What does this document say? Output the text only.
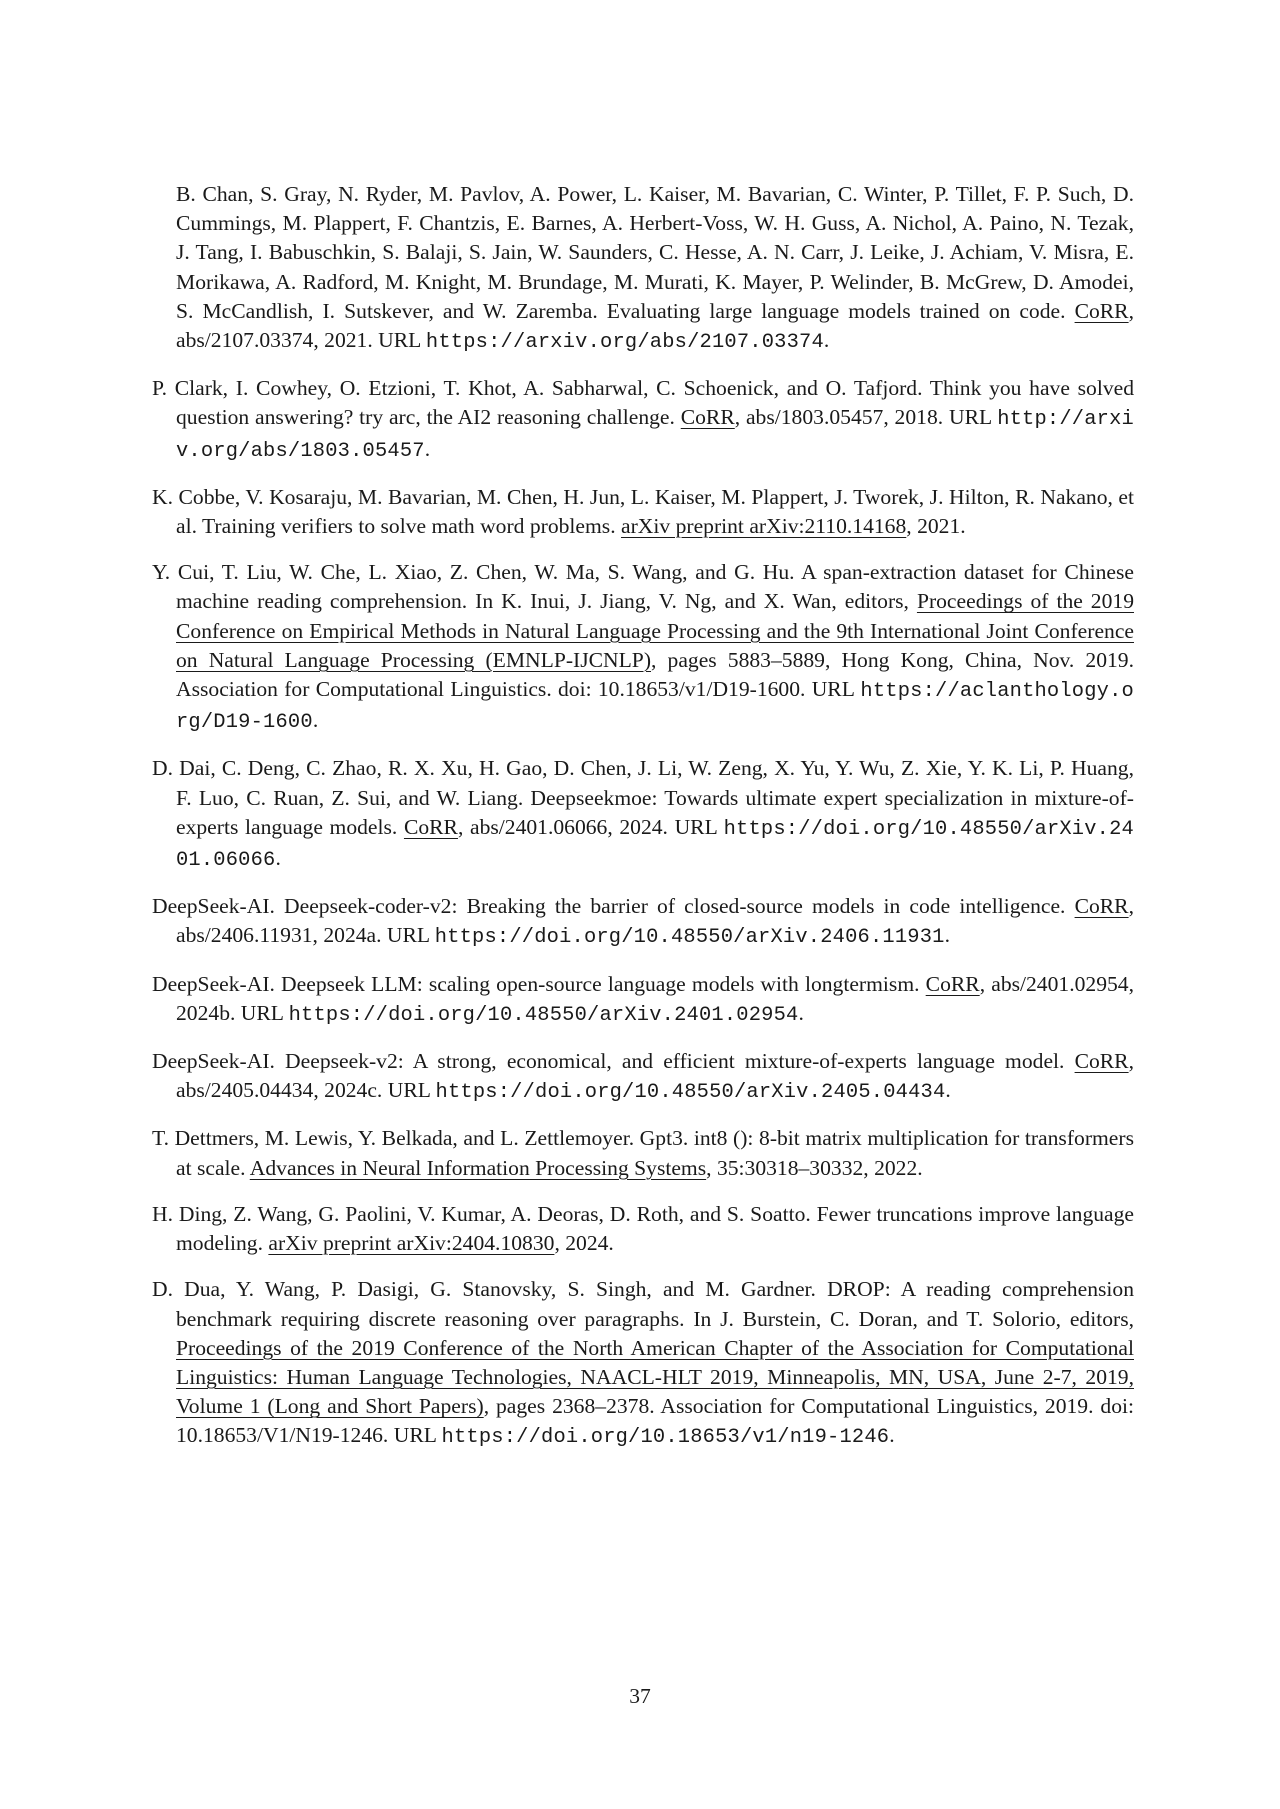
B. Chan, S. Gray, N. Ryder, M. Pavlov, A. Power, L. Kaiser, M. Bavarian, C. Winter, P. Tillet, F. P. Such, D. Cummings, M. Plappert, F. Chantzis, E. Barnes, A. Herbert-Voss, W. H. Guss, A. Nichol, A. Paino, N. Tezak, J. Tang, I. Babuschkin, S. Balaji, S. Jain, W. Saunders, C. Hesse, A. N. Carr, J. Leike, J. Achiam, V. Misra, E. Morikawa, A. Radford, M. Knight, M. Brundage, M. Murati, K. Mayer, P. Welinder, B. McGrew, D. Amodei, S. McCandlish, I. Sutskever, and W. Zaremba. Evaluating large language models trained on code. CoRR, abs/2107.03374, 2021. URL https://arxiv.org/abs/2107.03374.

P. Clark, I. Cowhey, O. Etzioni, T. Khot, A. Sabharwal, C. Schoenick, and O. Tafjord. Think you have solved question answering? try arc, the AI2 reasoning challenge. CoRR, abs/1803.05457, 2018. URL http://arxiv.org/abs/1803.05457.

K. Cobbe, V. Kosaraju, M. Bavarian, M. Chen, H. Jun, L. Kaiser, M. Plappert, J. Tworek, J. Hilton, R. Nakano, et al. Training verifiers to solve math word problems. arXiv preprint arXiv:2110.14168, 2021.

Y. Cui, T. Liu, W. Che, L. Xiao, Z. Chen, W. Ma, S. Wang, and G. Hu. A span-extraction dataset for Chinese machine reading comprehension. In K. Inui, J. Jiang, V. Ng, and X. Wan, editors, Proceedings of the 2019 Conference on Empirical Methods in Natural Language Processing and the 9th International Joint Conference on Natural Language Processing (EMNLP-IJCNLP), pages 5883–5889, Hong Kong, China, Nov. 2019. Association for Computational Linguistics. doi: 10.18653/v1/D19-1600. URL https://aclanthology.org/D19-1600.

D. Dai, C. Deng, C. Zhao, R. X. Xu, H. Gao, D. Chen, J. Li, W. Zeng, X. Yu, Y. Wu, Z. Xie, Y. K. Li, P. Huang, F. Luo, C. Ruan, Z. Sui, and W. Liang. Deepseekmoe: Towards ultimate expert specialization in mixture-of-experts language models. CoRR, abs/2401.06066, 2024. URL https://doi.org/10.48550/arXiv.2401.06066.

DeepSeek-AI. Deepseek-coder-v2: Breaking the barrier of closed-source models in code intelligence. CoRR, abs/2406.11931, 2024a. URL https://doi.org/10.48550/arXiv.2406.11931.

DeepSeek-AI. Deepseek LLM: scaling open-source language models with longtermism. CoRR, abs/2401.02954, 2024b. URL https://doi.org/10.48550/arXiv.2401.02954.

DeepSeek-AI. Deepseek-v2: A strong, economical, and efficient mixture-of-experts language model. CoRR, abs/2405.04434, 2024c. URL https://doi.org/10.48550/arXiv.2405.04434.

T. Dettmers, M. Lewis, Y. Belkada, and L. Zettlemoyer. Gpt3. int8 (): 8-bit matrix multiplication for transformers at scale. Advances in Neural Information Processing Systems, 35:30318–30332, 2022.

H. Ding, Z. Wang, G. Paolini, V. Kumar, A. Deoras, D. Roth, and S. Soatto. Fewer truncations improve language modeling. arXiv preprint arXiv:2404.10830, 2024.

D. Dua, Y. Wang, P. Dasigi, G. Stanovsky, S. Singh, and M. Gardner. DROP: A reading comprehension benchmark requiring discrete reasoning over paragraphs. In J. Burstein, C. Doran, and T. Solorio, editors, Proceedings of the 2019 Conference of the North American Chapter of the Association for Computational Linguistics: Human Language Technologies, NAACL-HLT 2019, Minneapolis, MN, USA, June 2-7, 2019, Volume 1 (Long and Short Papers), pages 2368–2378. Association for Computational Linguistics, 2019. doi: 10.18653/V1/N19-1246. URL https://doi.org/10.18653/v1/n19-1246.

37
